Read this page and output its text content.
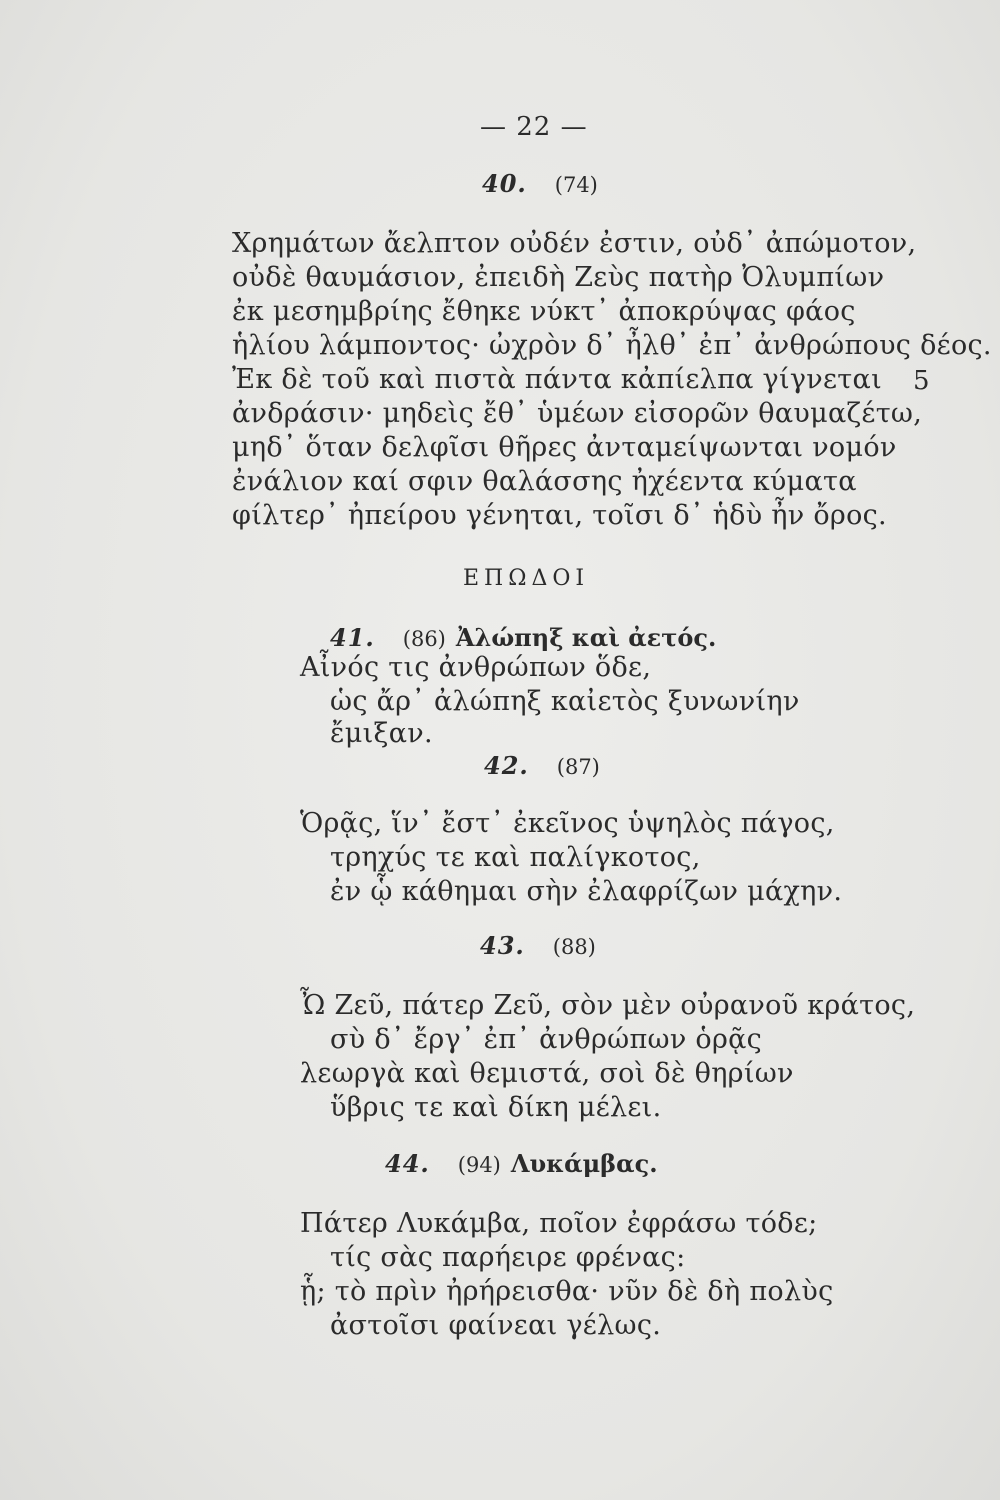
— 22 —
40. (74)
Χρημάτων ἄελπτον οὐδέν ἐστιν, οὐδ᾽ ἀπώμοτον,
οὐδὲ θαυμάσιον, ἐπειδὴ Ζεὺς πατὴρ Ὀλυμπίων
ἐκ μεσημβρίης ἔθηκε νύκτ᾽ ἀποκρύψας φάος
ἡλίου λάμποντος· ὠχρὸν δ᾽ ἦλθ᾽ ἐπ᾽ ἀνθρώπους δέος.
Ἐκ δὲ τοῦ καὶ πιστὰ πάντα κἀπίελπα γίγνεται 5
ἀνδράσιν· μηδεὶς ἔθ᾽ ὑμέων εἰσορῶν θαυμαζέτω,
μηδ᾽ ὅταν δελφῖσι θῆρες ἀνταμείψωνται νομόν
ἐνάλιον καί σφιν θαλάσσης ἠχέεντα κύματα
φίλτερ᾽ ἠπείρου γένηται, τοῖσι δ᾽ ἡδὺ ἦν ὄρος.
ΕΠΩΔΟΙ
41. (86) Ἀλώπηξ καὶ ἀετός.
Αἶνός τις ἀνθρώπων ὅδε,
ὡς ἄρ᾽ ἀλώπηξ καἰετὸς ξυνωνίην
ἔμιξαν.
42. (87)
Ὁρᾷς, ἵν᾽ ἔστ᾽ ἐκεῖνος ὑψηλὸς πάγος,
τρηχύς τε καὶ παλίγκοτος,
ἐν ᾧ κάθημαι σὴν ἐλαφρίζων μάχην.
43. (88)
Ὦ Ζεῦ, πάτερ Ζεῦ, σὸν μὲν οὐρανοῦ κράτος,
σὺ δ᾽ ἔργ᾽ ἐπ᾽ ἀνθρώπων ὁρᾷς
λεωργὰ καὶ θεμιστά, σοὶ δὲ θηρίων
ὕβρις τε καὶ δίκη μέλει.
44. (94) Λυκάμβας.
Πάτερ Λυκάμβα, ποῖον ἐφράσω τόδε;
τίς σὰς παρήειρε φρένας:
ᾗ; τὸ πρὶν ἠρήρεισθα· νῦν δὲ δὴ πολὺς
ἀστοῖσι φαίνεαι γέλως.
